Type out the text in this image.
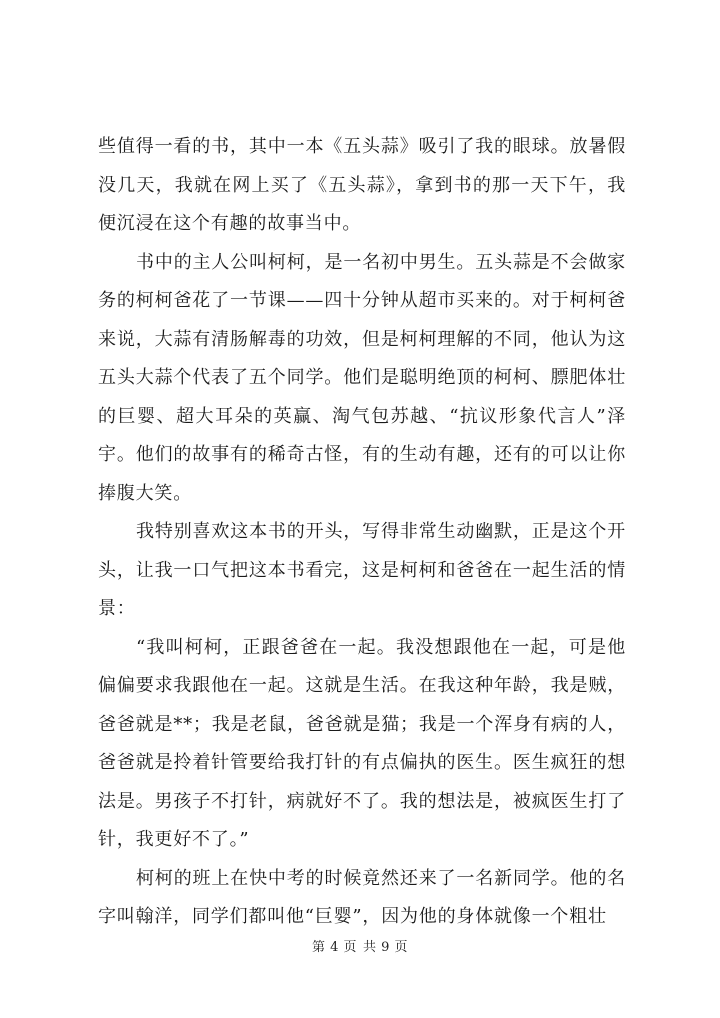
些值得一看的书，其中一本《五头蒜》吸引了我的眼球。放暑假没几天，我就在网上买了《五头蒜》，拿到书的那一天下午，我便沉浸在这个有趣的故事当中。

书中的主人公叫柯柯，是一名初中男生。五头蒜是不会做家务的柯柯爸花了一节课——四十分钟从超市买来的。对于柯柯爸来说，大蒜有清肠解毒的功效，但是柯柯理解的不同，他认为这五头大蒜个代表了五个同学。他们是聪明绝顶的柯柯、膘肥体壮的巨婴、超大耳朵的英赢、淘气包苏越、“抗议形象代言人”泽宇。他们的故事有的稀奇古怪，有的生动有趣，还有的可以让你捧腹大笑。

我特别喜欢这本书的开头，写得非常生动幽默，正是这个开头，让我一口气把这本书看完，这是柯柯和爸爸在一起生活的情景：

“我叫柯柯，正跟爸爸在一起。我没想跟他在一起，可是他偏偏要求我跟他在一起。这就是生活。在我这种年龄，我是贼，爸爸就是**；我是老鼠，爸爸就是猫；我是一个浑身有病的人，爸爸就是拎着针管要给我打针的有点偏执的医生。医生疯狂的想法是。男孩子不打针，病就好不了。我的想法是，被疯医生打了针，我更好不了。”

柯柯的班上在快中考的时候竟然还来了一名新同学。他的名字叫翰洋，同学们都叫他“巨婴”，因为他的身体就像一个粗壮

第 4 页 共 9 页
